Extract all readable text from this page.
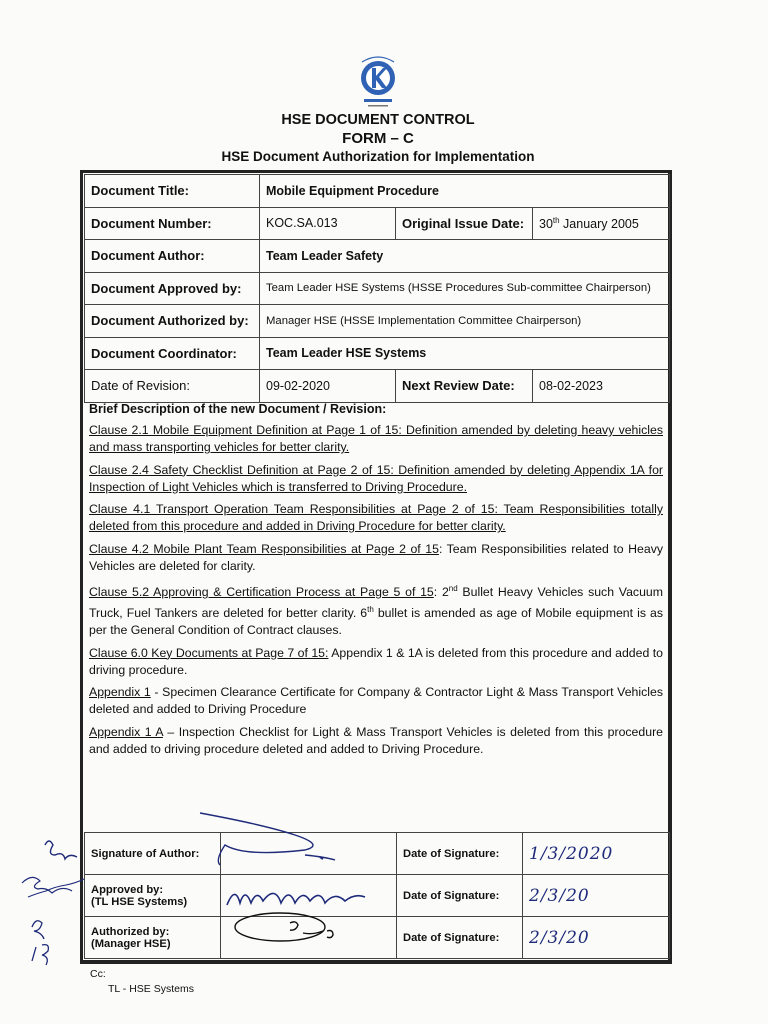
HSE DOCUMENT CONTROL
FORM – C
HSE Document Authorization for Implementation
Document Title:	Mobile Equipment Procedure		
Document Number:	KOC.SA.013	Original Issue Date:	30th January 2005
Document Author:	Team Leader Safety		
Document Approved by:	Team Leader HSE Systems (HSSE Procedures Sub-committee Chairperson)		
Document Authorized by:	Manager HSE (HSSE Implementation Committee Chairperson)		
Document Coordinator:	Team Leader HSE Systems		
Date of Revision:	09-02-2020	Next Review Date:	08-02-2023
Brief Description of the new Document / Revision:

Clause 2.1 Mobile Equipment Definition at Page 1 of 15: Definition amended by deleting heavy vehicles and mass transporting vehicles for better clarity.

Clause 2.4 Safety Checklist Definition at Page 2 of 15: Definition amended by deleting Appendix 1A for Inspection of Light Vehicles which is transferred to Driving Procedure.

Clause 4.1 Transport Operation Team Responsibilities at Page 2 of 15: Team Responsibilities totally deleted from this procedure and added in Driving Procedure for better clarity.

Clause 4.2 Mobile Plant Team Responsibilities at Page 2 of 15: Team Responsibilities related to Heavy Vehicles are deleted for clarity.

Clause 5.2 Approving & Certification Process at Page 5 of 15: 2nd Bullet Heavy Vehicles such Vacuum Truck, Fuel Tankers are deleted for better clarity. 6th bullet is amended as age of Mobile equipment is as per the General Condition of Contract clauses.

Clause 6.0 Key Documents at Page 7 of 15: Appendix 1 & 1A is deleted from this procedure and added to driving procedure.

Appendix 1 - Specimen Clearance Certificate for Company & Contractor Light & Mass Transport Vehicles deleted and added to Driving Procedure

Appendix 1 A – Inspection Checklist for Light & Mass Transport Vehicles is deleted from this procedure and added to driving procedure deleted and added to Driving Procedure.

Signature of Author:		Date of Signature:	1/3/2020

Approved by:
(TL HSE Systems)		Date of Signature:	2/3/20

Authorized by:
(Manager HSE)		Date of Signature:	2/3/20
Cc:
TL - HSE Systems
